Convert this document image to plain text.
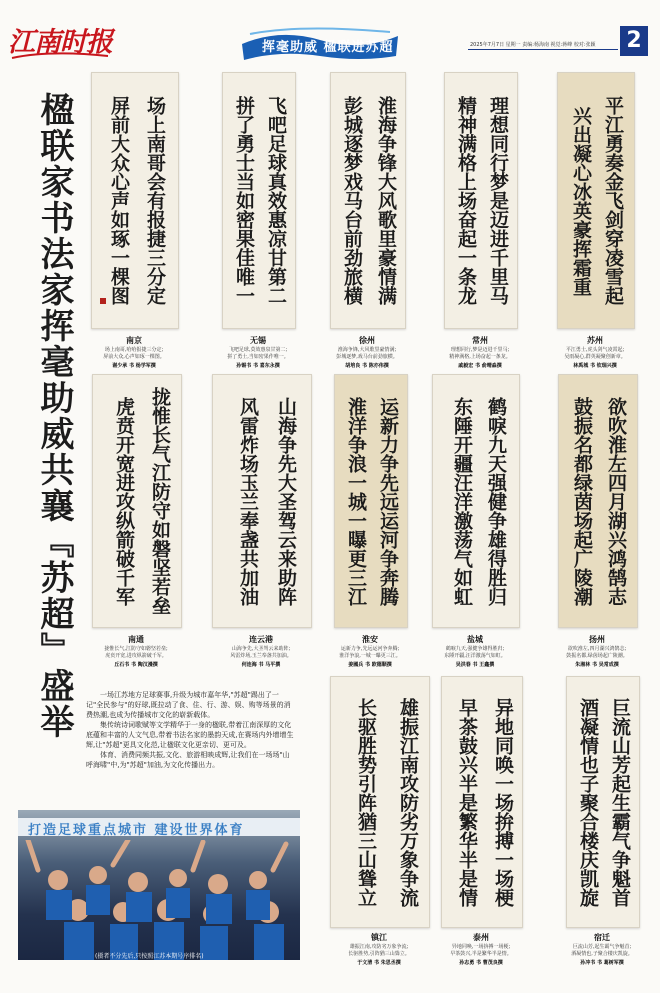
江南时报	挥毫助威 楹联进苏超	2025年7月7日 星期一 责编:杨海南 视觉:蒋峰 校对:张颖 2
楹联家书法家挥毫助威共襄『苏超』盛举	场上南哥会有报捷三分定
屏前大众心声如琢一棵图	飞吧足球真效惠凉甘第二
拼了勇士当如密果佳唯一	淮海争锋大风歌里豪情满
彭城逐梦戏马台前劲旅横	理想同行梦是迈进千里马
精神满格上场奋起一条龙	平江勇奏金飞剑穿凌雪起
兴出凝心冰英豪挥霜重
南京
场上南哥,哈哈报捷三分定;
屏前大众,心声如琢一棵图。
谢少承 书 杨学军撰
无锡
飞吧足球,莫效惠泉甘第二;
拼了勇士,当如密果作唯一。
孙锡书 书 喜东永撰
徐州
淮海争锋,大风歌里豪情满;
彭城逐梦,戏马台前劲旅横。
胡培良 书 陈亦伟撰
常州
理想同行,梦是迈进千里马;
精神满格,上场奋起一条龙。
戚毅宏 书 俞晴淼撰
苏州
平江勇士,虎头剑气凌霄起;
吴雨凝心,群英凝聚创新章。
林禹城 书 钦瑞兴撰
拢惟长气江防守如磐坚若垒
虎贲开宽进攻纵箭破千军	山海争先大圣驾云来助阵
风雷炸场玉兰奉盏共加油	运新力争先远运河争奔腾
淮洋争浪一城一曝更三江	鹤唳九天强健争雄得胜归
东陲开疆汪洋激荡气如虹	欲吹淮左四月湖兴鸿鹄志
鼓振名都绿茵场起广陵潮
南通
拢惟长气,江防守如磐坚若垒;
虎贲开宽,进攻纵箭破千军。
丘石书 书 陶汉漫撰
连云港
山海争先,大圣驾云来助阵;
风雷炸场,玉兰奉盏共加油。
何连海 书 马平撰
淮安
运新力争,先远运河争奔腾;
淮洋争浪,一城一曝更三江。
姜國兵 书 欧德顺撰
盐城
鹤唳九天,强健争雄得胜归;
东陲开疆,汪洋激荡气如虹。
吴洪春 书 王鑫撰
扬州
欲吹淮左,四月湖兴鸿鹄志;
鼓振名都,绿茵场起广陵潮。
朱湘林 书 吴常成撰
雄振江南攻防劣万象争流
长驱胜势引阵猶三山聳立	异地同唤一场拚搏一场梗
早茶鼓兴半是繁华半是情	巨流山芳起生霸气争魁首
酒凝情也子聚合楼庆凯旋
镇江
雄振江南,攻防劣万象争流;
长驱胜势,引阵猶三山聳立。
于文清 书 朱思丞撰
泰州
异地同唤,一场拚搏一场梗;
早茶鼓兴,半是繁华半是情。
孙志勇 书 曹茂良撰
宿迁
巨流山芳,起生霸气争魁首;
酒凝情也,子聚合楼庆凯旋。
孙冲书 书 葛树军撰

一场江苏地方足球赛事,升级为城市嘉年华,"苏超"踢出了一记"全民参与"的好球,既拉动了食、住、行、游、娱、购等场景的消费热潮,也成为传播城市文化的崭新载体。

集传统诗词歌赋等文学精华于一身的楹联,带着江南深厚的文化底蕴和丰富的人文气息,带着书法名家的墨韵天成,在赛场内外增增生辉,让"苏超"更具文化范,让楹联文化更亲切、更可及。

体育、消费同频共振,文化、旅游相映成辉,让我们在一场场"山呼海啸"中,为"苏超"加油,为文化传播出力。

打造足球重点城市 建设世界体育
(摄者不分先后,只按照江苏本期号序排名)
